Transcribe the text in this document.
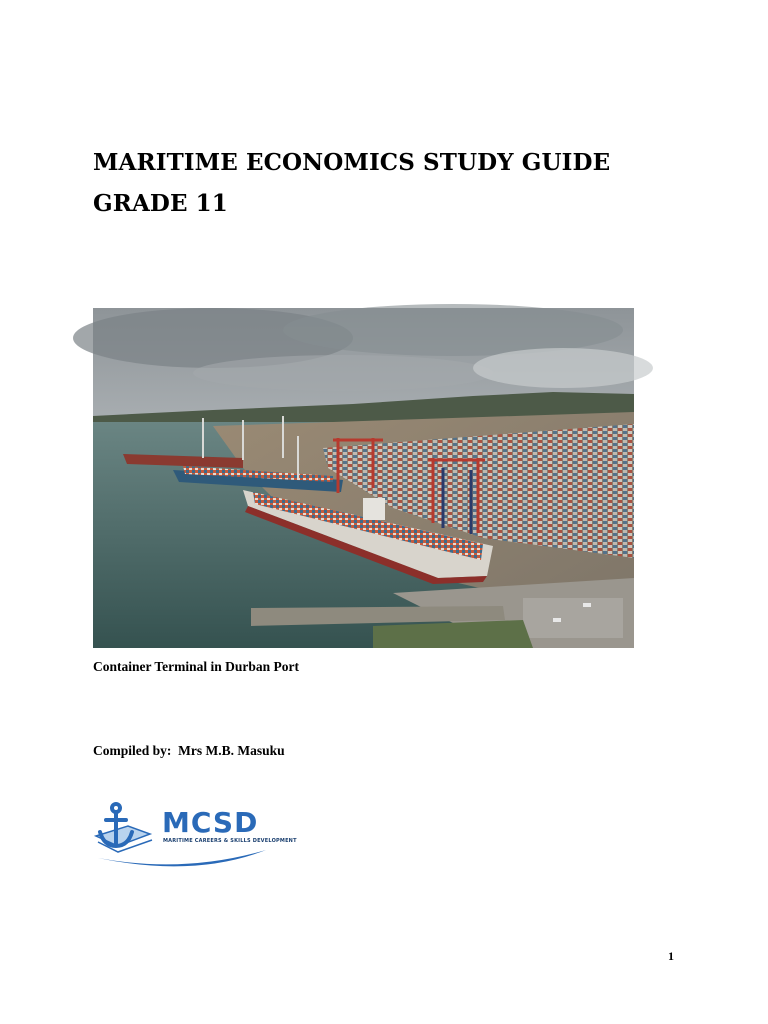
MARITIME ECONOMICS STUDY GUIDE
GRADE 11
Container Terminal in Durban Port
Compiled by: Mrs M.B. Masuku
MCSD
MARITIME CAREERS & SKILLS DEVELOPMENT
Anchor your talent
1
